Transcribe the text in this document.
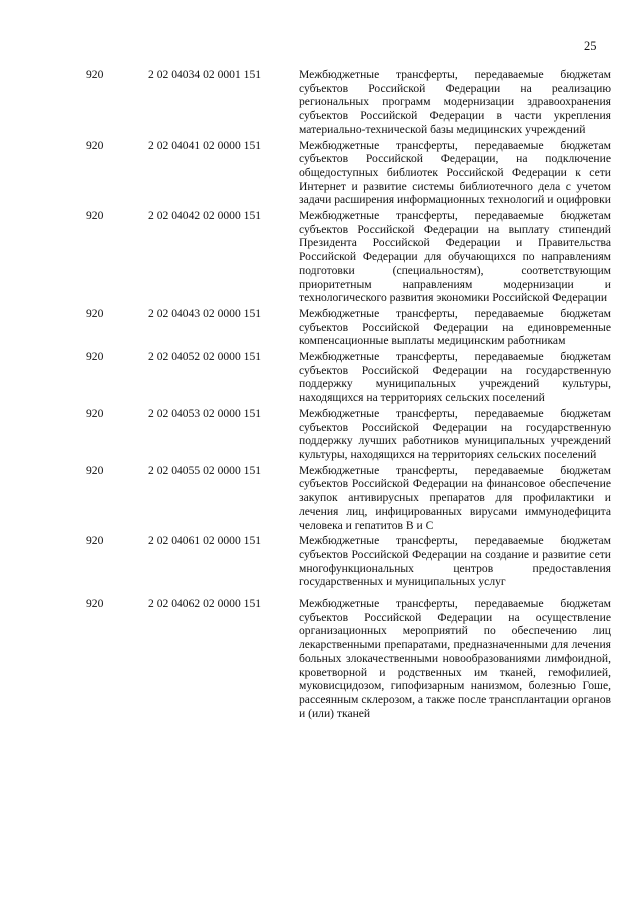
25
920	2 02 04034 02 0001 151	Межбюджетные трансферты, передаваемые бюджетам субъектов Российской Федерации на реализацию региональных программ модернизации здравоохранения субъектов Российской Федерации в части укрепления материально-технической базы медицинских учреждений
920	2 02 04041 02 0000 151	Межбюджетные трансферты, передаваемые бюджетам субъектов Российской Федерации, на подключение общедоступных библиотек Российской Федерации к сети Интернет и развитие системы библиотечного дела с учетом задачи расширения информационных технологий и оцифровки
920	2 02 04042 02 0000 151	Межбюджетные трансферты, передаваемые бюджетам субъектов Российской Федерации на выплату стипендий Президента Российской Федерации и Правительства Российской Федерации для обучающихся по направлениям подготовки (специальностям), соответствующим приоритетным направлениям модернизации и технологического развития экономики Российской Федерации
920	2 02 04043 02 0000 151	Межбюджетные трансферты, передаваемые бюджетам субъектов Российской Федерации на единовременные компенсационные выплаты медицинским работникам
920	2 02 04052 02 0000 151	Межбюджетные трансферты, передаваемые бюджетам субъектов Российской Федерации на государственную поддержку муниципальных учреждений культуры, находящихся на территориях сельских поселений
920	2 02 04053 02 0000 151	Межбюджетные трансферты, передаваемые бюджетам субъектов Российской Федерации на государственную поддержку лучших работников муниципальных учреждений культуры, находящихся на территориях сельских поселений
920	2 02 04055 02 0000 151	Межбюджетные трансферты, передаваемые бюджетам субъектов Российской Федерации на финансовое обеспечение закупок антивирусных препаратов для профилактики и лечения лиц, инфицированных вирусами иммунодефицита человека и гепатитов В и С
920	2 02 04061 02 0000 151	Межбюджетные трансферты, передаваемые бюджетам субъектов Российской Федерации на создание и развитие сети многофункциональных центров предоставления государственных и муниципальных услуг
920	2 02 04062 02 0000 151	Межбюджетные трансферты, передаваемые бюджетам субъектов Российской Федерации на осуществление организационных мероприятий по обеспечению лиц лекарственными препаратами, предназначенными для лечения больных злокачественными новообразованиями лимфоидной, кроветворной и родственных им тканей, гемофилией, муковисцидозом, гипофизарным нанизмом, болезнью Гоше, рассеянным склерозом, а также после трансплантации органов и (или) тканей
